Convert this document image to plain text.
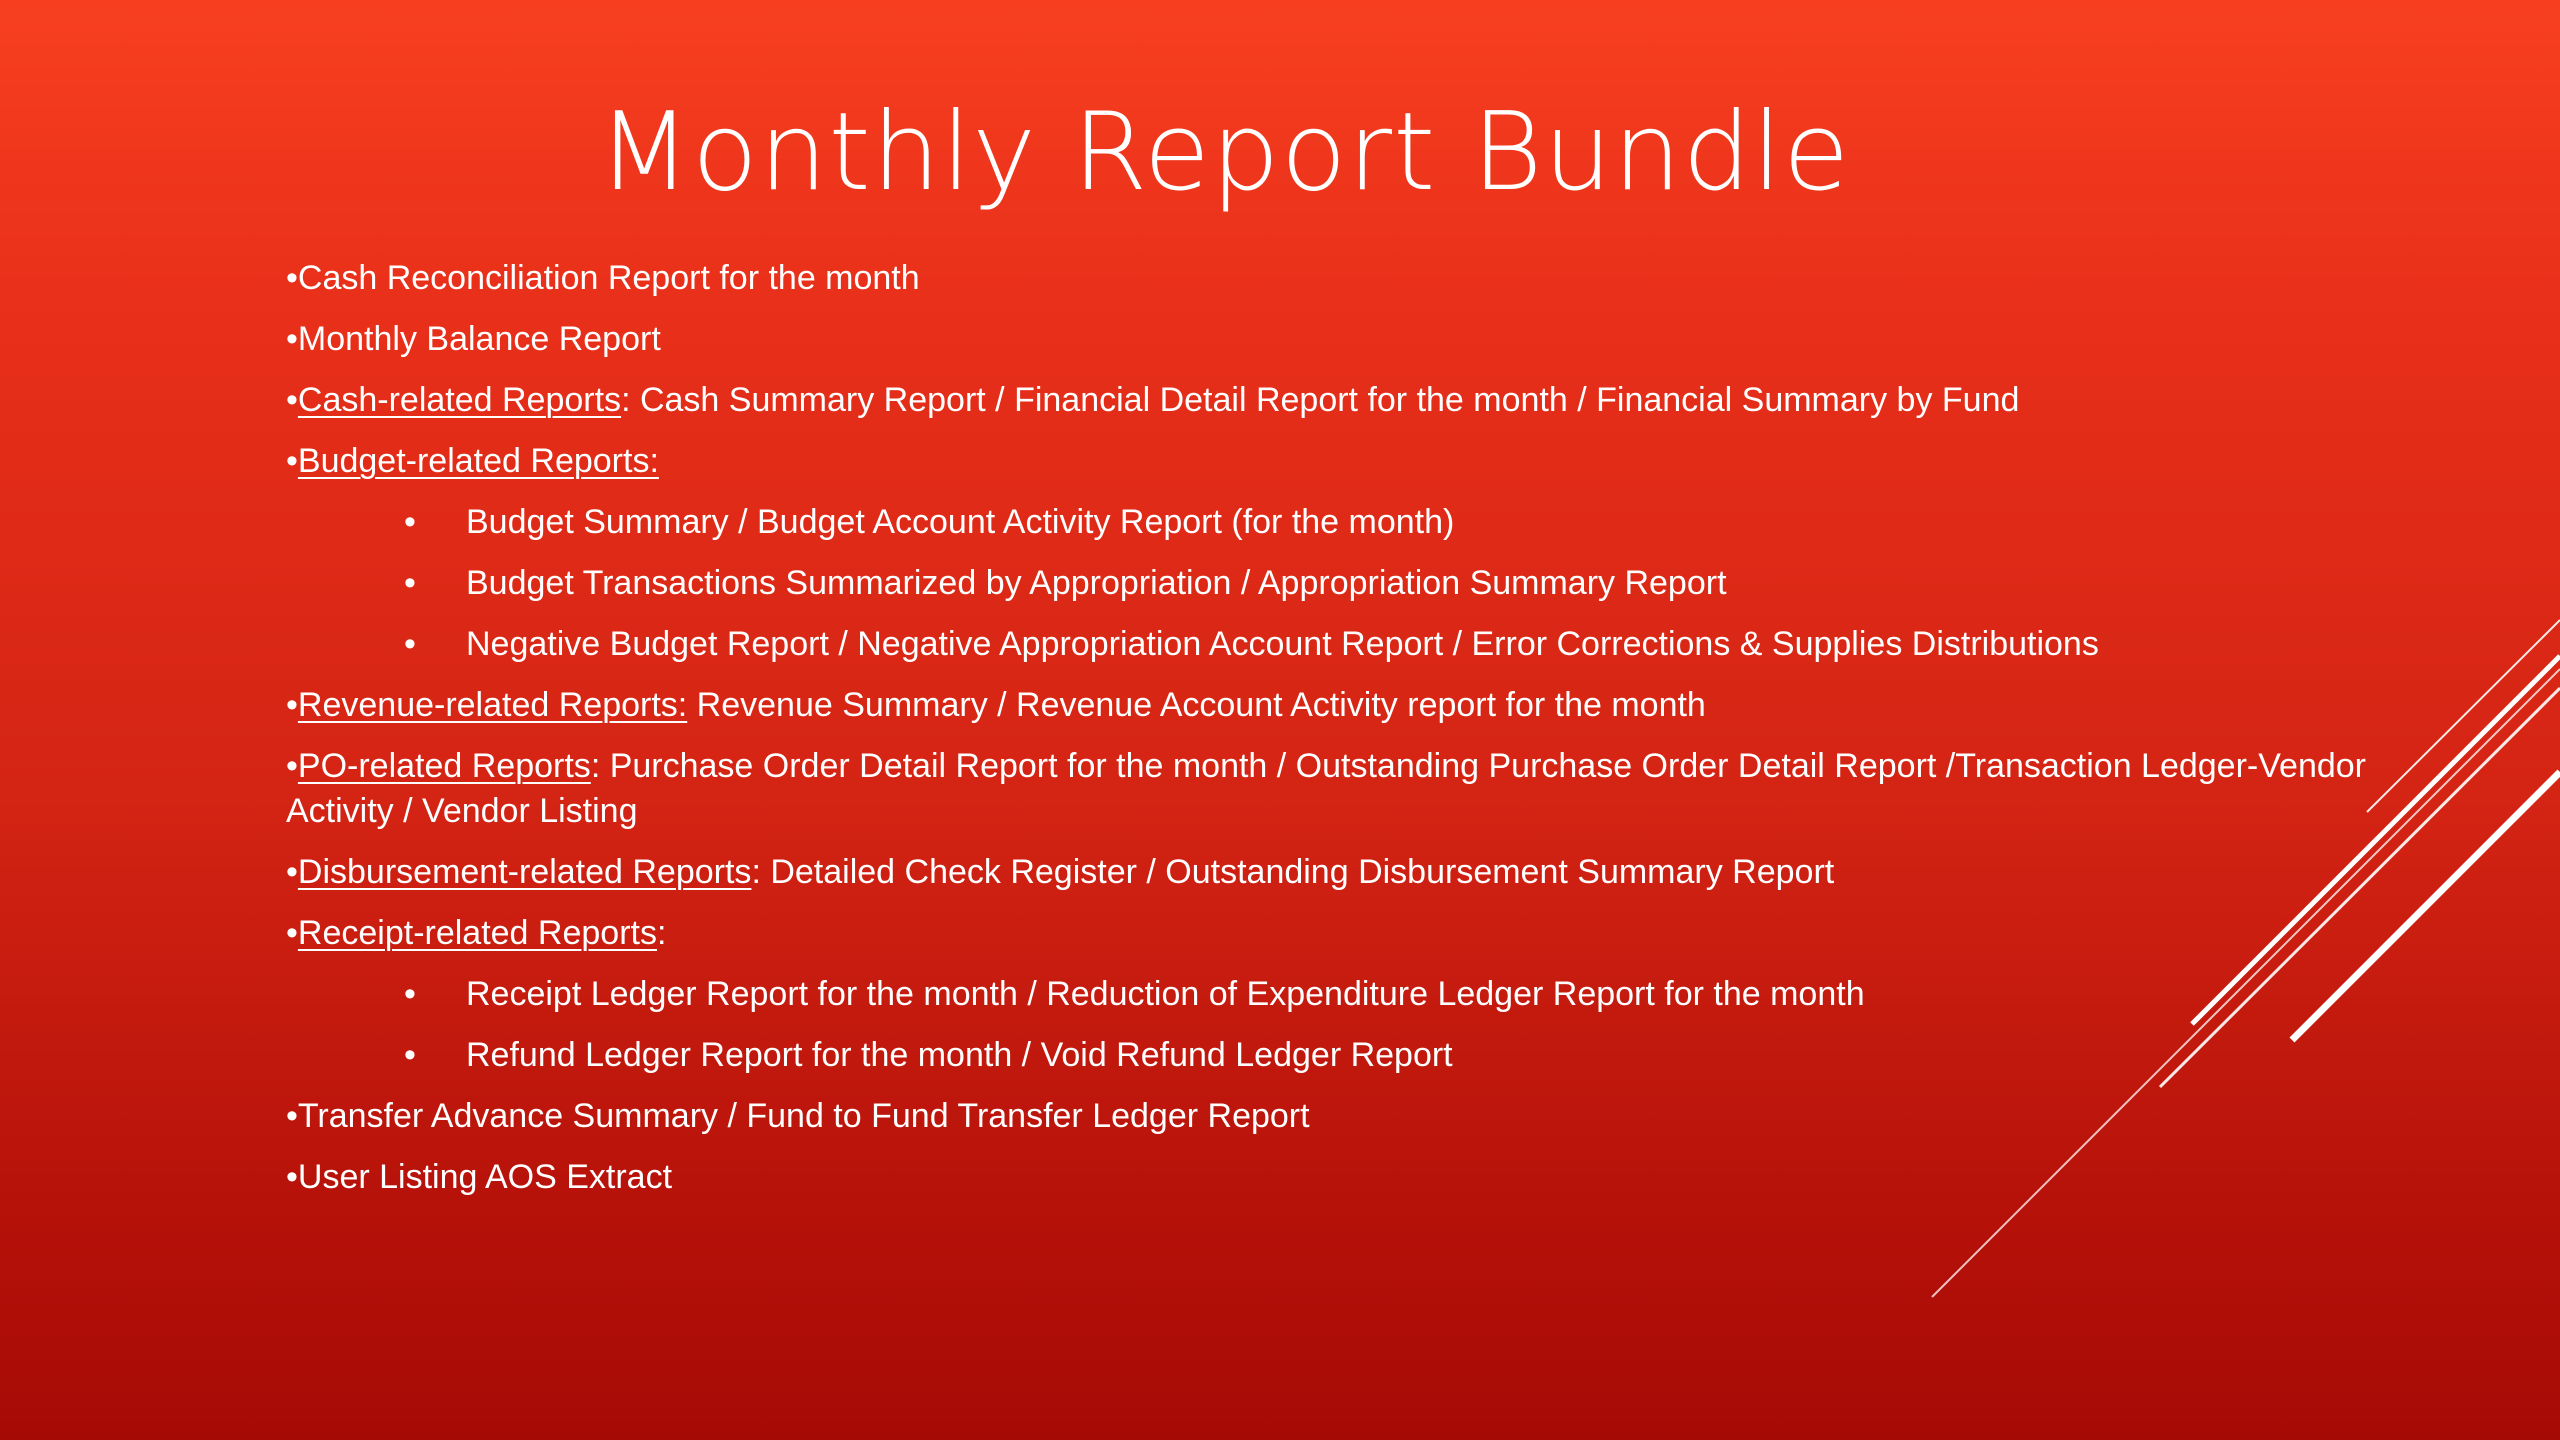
Monthly Report Bundle
•Cash Reconciliation Report for the month
•Monthly Balance Report
•Cash-related Reports: Cash Summary Report / Financial Detail Report for the month / Financial Summary by Fund
•Budget-related Reports:
• Budget Summary / Budget Account Activity Report (for the month)
• Budget Transactions Summarized by Appropriation / Appropriation Summary Report
• Negative Budget Report / Negative Appropriation Account Report / Error Corrections & Supplies Distributions
•Revenue-related Reports: Revenue Summary / Revenue Account Activity report for the month
•PO-related Reports: Purchase Order Detail Report for the month / Outstanding Purchase Order Detail Report /Transaction Ledger-Vendor Activity / Vendor Listing
•Disbursement-related Reports: Detailed Check Register / Outstanding Disbursement Summary Report
•Receipt-related Reports:
• Receipt Ledger Report for the month / Reduction of Expenditure Ledger Report for the month
• Refund Ledger Report for the month / Void Refund Ledger Report
•Transfer Advance Summary / Fund to Fund Transfer Ledger Report
•User Listing AOS Extract
